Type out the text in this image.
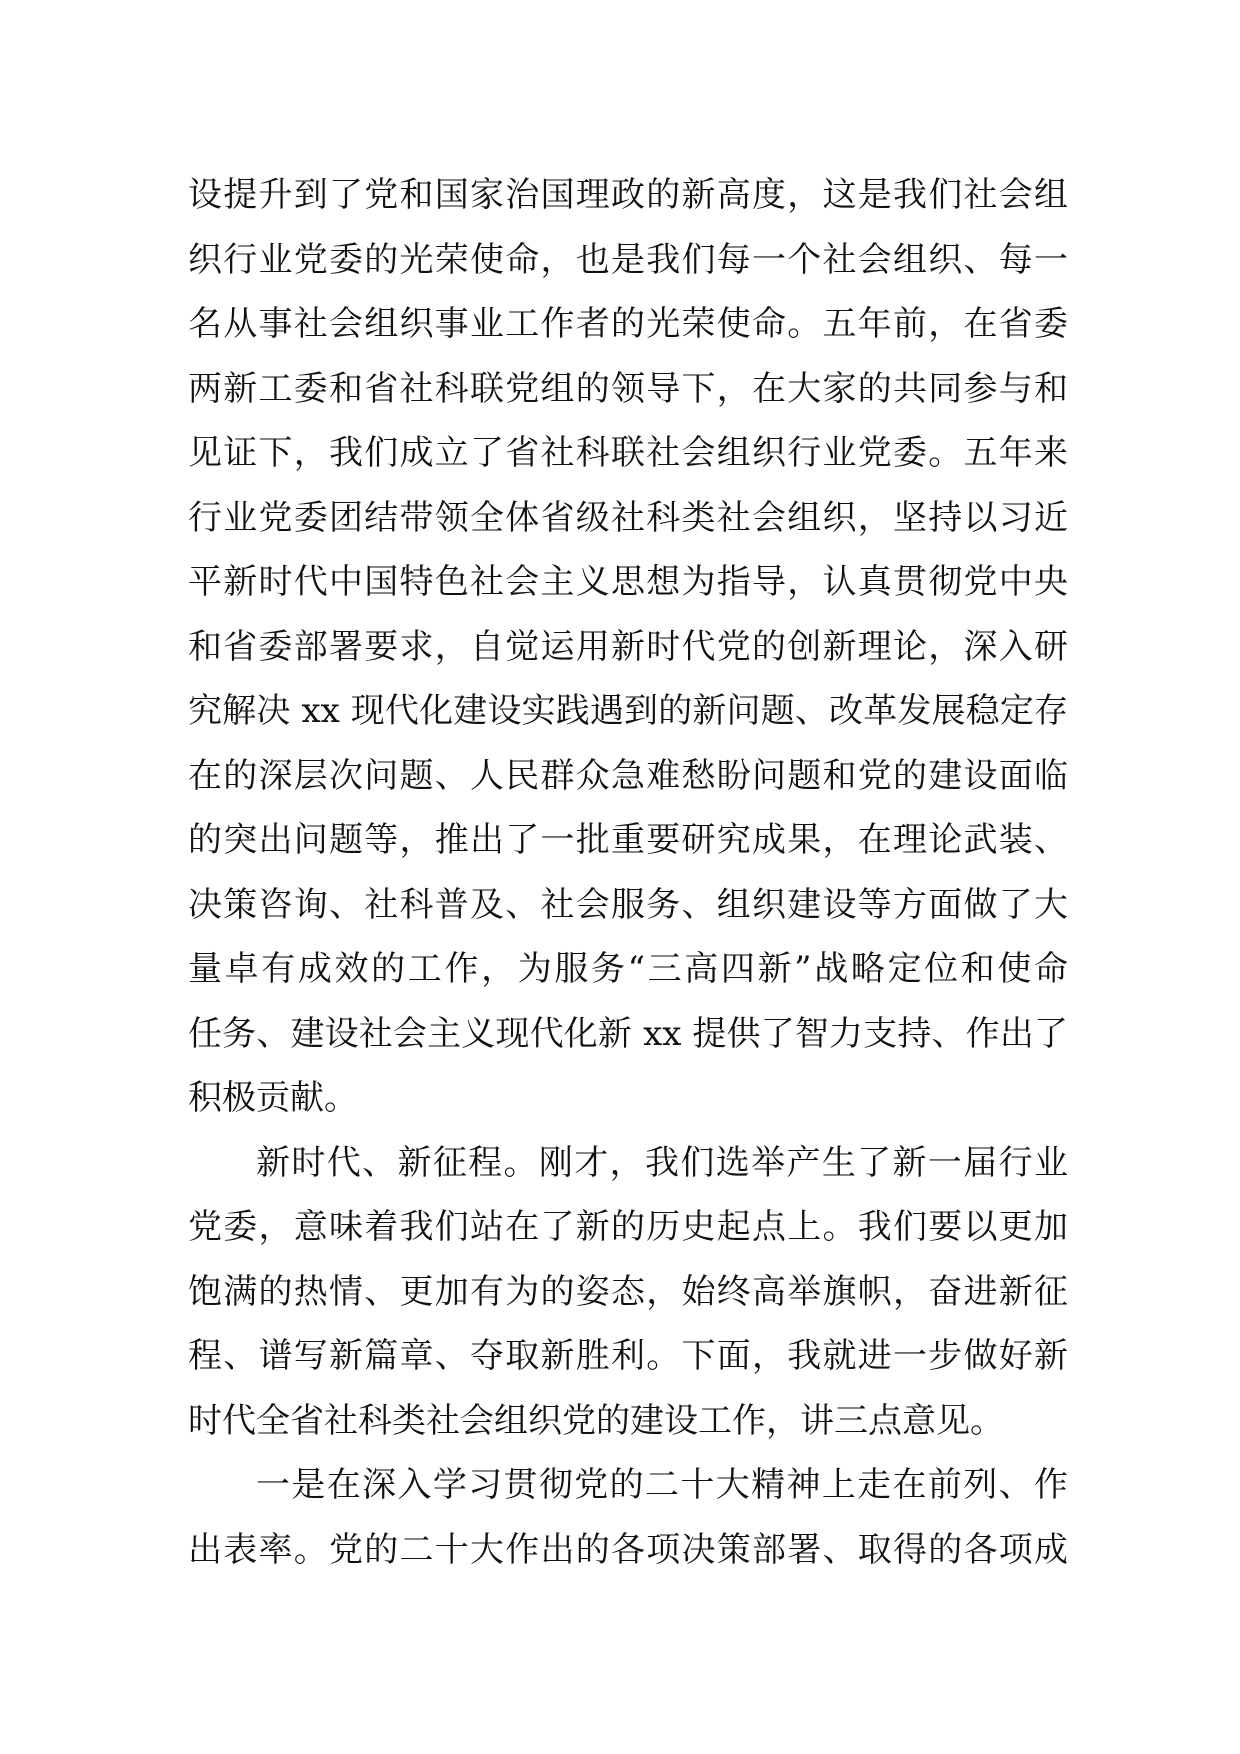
设提升到了党和国家治国理政的新高度，这是我们社会组
织行业党委的光荣使命，也是我们每一个社会组织、每一
名从事社会组织事业工作者的光荣使命。五年前，在省委
两新工委和省社科联党组的领导下，在大家的共同参与和
见证下，我们成立了省社科联社会组织行业党委。五年来
行业党委团结带领全体省级社科类社会组织，坚持以习近
平新时代中国特色社会主义思想为指导，认真贯彻党中央
和省委部署要求，自觉运用新时代党的创新理论，深入研
究解决 xx 现代化建设实践遇到的新问题、改革发展稳定存
在的深层次问题、人民群众急难愁盼问题和党的建设面临
的突出问题等，推出了一批重要研究成果，在理论武装、
决策咨询、社科普及、社会服务、组织建设等方面做了大
量卓有成效的工作，为服务“三高四新”战略定位和使命
任务、建设社会主义现代化新 xx 提供了智力支持、作出了
积极贡献。
新时代、新征程。刚才，我们选举产生了新一届行业
党委，意味着我们站在了新的历史起点上。我们要以更加
饱满的热情、更加有为的姿态，始终高举旗帜，奋进新征
程、谱写新篇章、夺取新胜利。下面，我就进一步做好新
时代全省社科类社会组织党的建设工作，讲三点意见。
一是在深入学习贯彻党的二十大精神上走在前列、作
出表率。党的二十大作出的各项决策部署、取得的各项成
